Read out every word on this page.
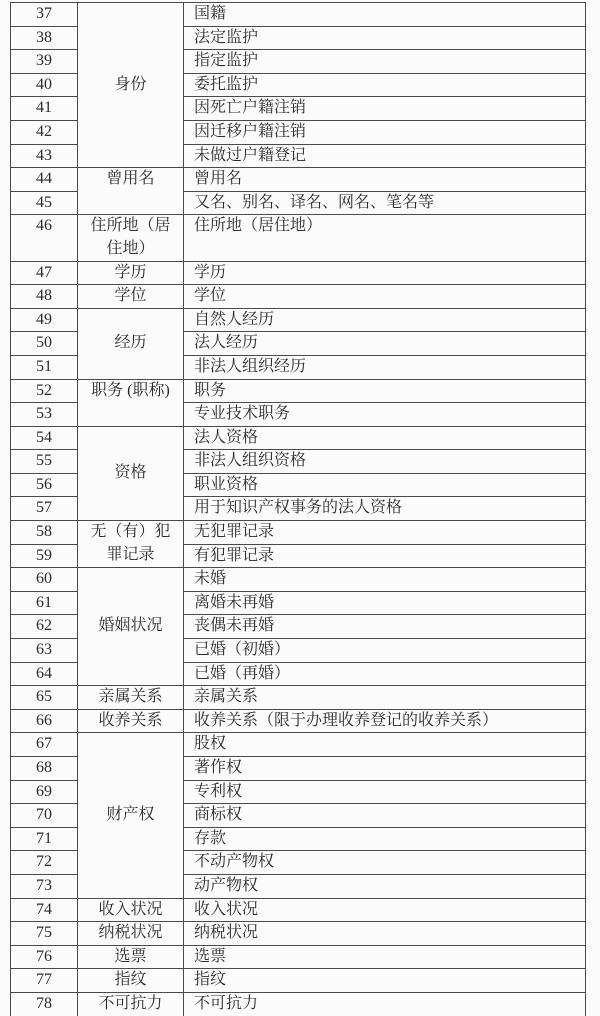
37	身份	国籍
38		法定监护
39		指定监护
40		委托监护
41		因死亡户籍注销
42		因迁移户籍注销
43		未做过户籍登记
44	曾用名	曾用名
45		又名、别名、译名、网名、笔名等
46	住所地（居住地）	住所地（居住地）
47	学历	学历
48	学位	学位
49	经历	自然人经历
50		法人经历
51		非法人组织经历
52	职务 (职称)	职务
53		专业技术职务
54	资格	法人资格
55		非法人组织资格
56		职业资格
57		用于知识产权事务的法人资格
58	无（有）犯罪记录	无犯罪记录
59		有犯罪记录
60	婚姻状况	未婚
61		离婚未再婚
62		丧偶未再婚
63		已婚（初婚）
64		已婚（再婚）
65	亲属关系	亲属关系
66	收养关系	收养关系（限于办理收养登记的收养关系）
67	财产权	股权
68		著作权
69		专利权
70		商标权
71		存款
72		不动产物权
73		动产物权
74	收入状况	收入状况
75	纳税状况	纳税状况
76	选票	选票
77	指纹	指纹
78	不可抗力	不可抗力
